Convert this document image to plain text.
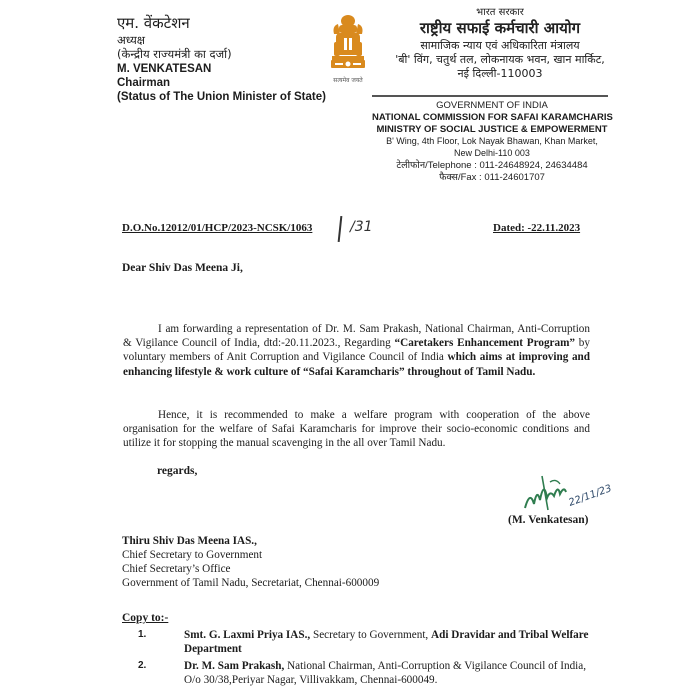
एम. वेंकटेशन
अध्यक्ष
(केन्द्रीय राज्यमंत्री का दर्जा)
M. VENKATESAN
Chairman
(Status of The Union Minister of State)
सत्यमेव जयते
भारत सरकार
राष्ट्रीय सफाई कर्मचारी आयोग
सामाजिक न्याय एवं अधिकारिता मंत्रालय
'बी' विंग, चतुर्थ तल, लोकनायक भवन, खान मार्किट,
नई दिल्ली-110003
GOVERNMENT OF INDIA
NATIONAL COMMISSION FOR SAFAI KARAMCHARIS
MINISTRY OF SOCIAL JUSTICE & EMPOWERMENT
B' Wing, 4th Floor, Lok Nayak Bhawan, Khan Market,
New Delhi-110 003
टेलीफोन/Telephone : 011-24648924, 24634484
फैक्स/Fax : 011-24601707
D.O.No.12012/01/HCP/2023-NCSK/1063	/31	Dated: -22.11.2023
Dear Shiv Das Meena Ji,
I am forwarding a representation of Dr. M. Sam Prakash, National Chairman, Anti-Corruption & Vigilance Council of India, dtd:-20.11.2023., Regarding “Caretakers Enhancement Program” by voluntary members of Anit Corruption and Vigilance Council of India which aims at improving and enhancing lifestyle & work culture of “Safai Karamcharis” throughout of Tamil Nadu.
Hence, it is recommended to make a welfare program with cooperation of the above organisation for the welfare of Safai Karamcharis for improve their socio-economic conditions and utilize it for stopping the manual scavenging in the all over Tamil Nadu.
regards,
22/11/23
(M. Venkatesan)
Thiru Shiv Das Meena IAS.,
Chief Secretary to Government
Chief Secretary’s Office
Government of Tamil Nadu, Secretariat, Chennai-600009
Copy to:-
1.	Smt. G. Laxmi Priya IAS., Secretary to Government, Adi Dravidar and Tribal Welfare Department
2.	Dr. M. Sam Prakash, National Chairman, Anti-Corruption & Vigilance Council of India, O/o 30/38,Periyar Nagar, Villivakkam, Chennai-600049.
